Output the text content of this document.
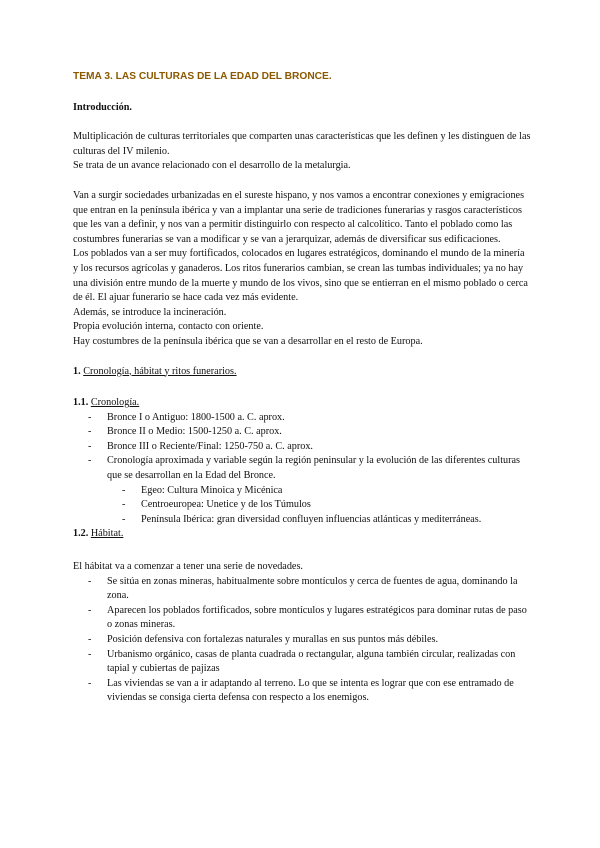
TEMA 3. LAS CULTURAS DE LA EDAD DEL BRONCE.
Introducción.

Multiplicación de culturas territoriales que comparten unas características que les definen y les distinguen de las culturas del IV milenio.

Se trata de un avance relacionado con el desarrollo de la metalurgia.

Van a surgir sociedades urbanizadas en el sureste hispano, y nos vamos a encontrar conexiones y emigraciones que entran en la península ibérica y van a implantar una serie de tradiciones funerarias y rasgos característicos que les van a definir, y nos van a permitir distinguirlo con respecto al calcolítico. Tanto el poblado como las costumbres funerarias se van a modificar y se van a jerarquizar, además de diversificar sus edificaciones.

Los poblados van a ser muy fortificados, colocados en lugares estratégicos, dominando el mundo de la minería y los recursos agrícolas y ganaderos. Los ritos funerarios cambian, se crean las tumbas individuales; ya no hay una división entre mundo de la muerte y mundo de los vivos, sino que se entierran en el mismo poblado o cerca de él. El ajuar funerario se hace cada vez más evidente.

Además, se introduce la incineración.

Propia evolución interna, contacto con oriente.

Hay costumbres de la península ibérica que se van a desarrollar en el resto de Europa.

1. Cronología, hábitat y ritos funerarios.
1.1. Cronología.
- Bronce I o Antiguo: 1800-1500 a. C. aprox.
- Bronce II o Medio: 1500-1250 a. C. aprox.
- Bronce III o Reciente/Final: 1250-750 a. C. aprox.
- Cronología aproximada y variable según la región peninsular y la evolución de las diferentes culturas que se desarrollan en la Edad del Bronce.
- Egeo: Cultura Minoica y Micénica
- Centroeuropea: Unetice y de los Túmulos
- Península Ibérica: gran diversidad confluyen influencias atlánticas y mediterráneas.
1.2. Hábitat.

El hábitat va a comenzar a tener una serie de novedades.

- Se sitúa en zonas mineras, habitualmente sobre montículos y cerca de fuentes de agua, dominando la zona.
- Aparecen los poblados fortificados, sobre montículos y lugares estratégicos para dominar rutas de paso o zonas mineras.
- Posición defensiva con fortalezas naturales y murallas en sus puntos más débiles.
- Urbanismo orgánico, casas de planta cuadrada o rectangular, alguna también circular, realizadas con tapial y cubiertas de pajizas
- Las viviendas se van a ir adaptando al terreno. Lo que se intenta es lograr que con ese entramado de viviendas se consiga cierta defensa con respecto a los enemigos.
